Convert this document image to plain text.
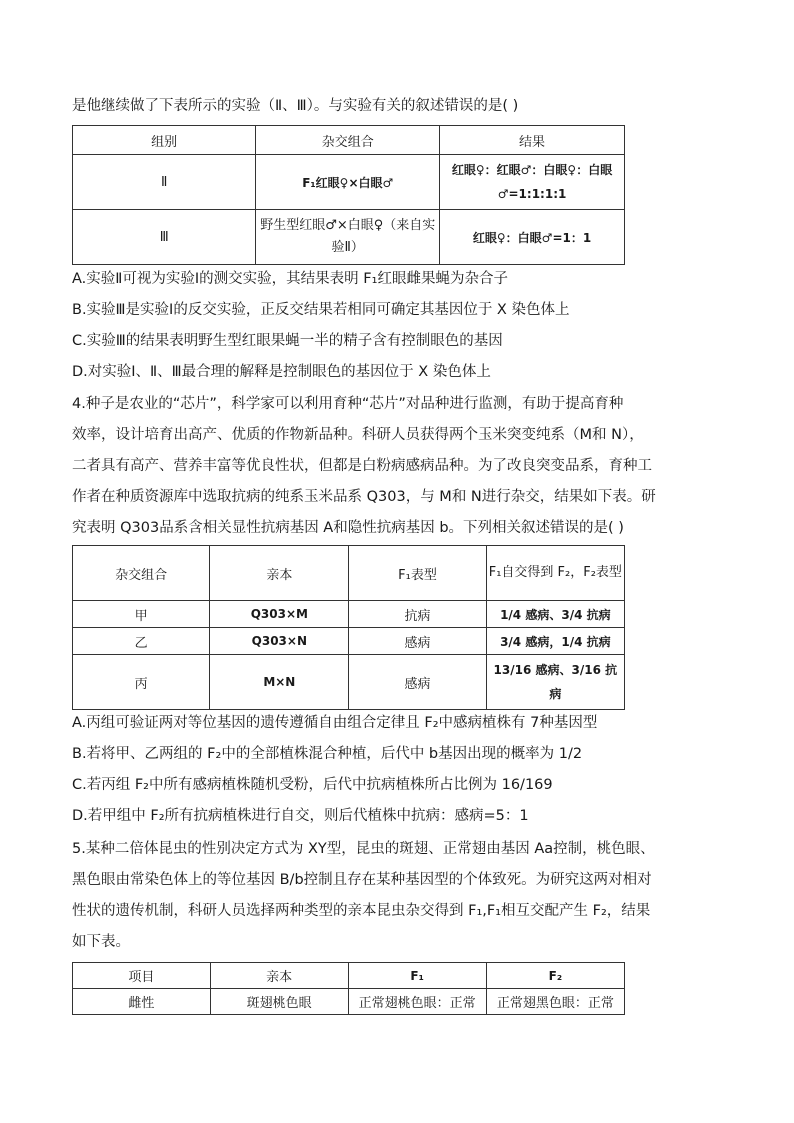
是他继续做了下表所示的实验（Ⅱ、Ⅲ）。与实验有关的叙述错误的是( )
组别	杂交组合	结果
Ⅱ	F₁红眼♀×白眼♂	红眼♀：红眼♂：白眼♀：白眼♂=1:1:1:1
Ⅲ	野生型红眼♂×白眼♀（来自实验Ⅱ）	红眼♀：白眼♂=1：1
A.实验Ⅱ可视为实验Ⅰ的测交实验，其结果表明 F₁红眼雌果蝇为杂合子
B.实验Ⅲ是实验Ⅰ的反交实验，正反交结果若相同可确定其基因位于 X 染色体上
C.实验Ⅲ的结果表明野生型红眼果蝇一半的精子含有控制眼色的基因
D.对实验Ⅰ、Ⅱ、Ⅲ最合理的解释是控制眼色的基因位于 X 染色体上
4.种子是农业的“芯片”，科学家可以利用育种“芯片”对品种进行监测，有助于提高育种
效率，设计培育出高产、优质的作物新品种。科研人员获得两个玉米突变纯系（M和 N），
二者具有高产、营养丰富等优良性状，但都是白粉病感病品种。为了改良突变品系，育种工
作者在种质资源库中选取抗病的纯系玉米品系 Q303，与 M和 N进行杂交，结果如下表。研
究表明 Q303品系含相关显性抗病基因 A和隐性抗病基因 b。下列相关叙述错误的是( )
杂交组合	亲本	F₁表型	F₁自交得到 F₂，F₂表型
甲	Q303×M	抗病	1/4 感病、3/4 抗病
乙	Q303×N	感病	3/4 感病，1/4 抗病
丙	M×N	感病	13/16 感病、3/16 抗病
A.丙组可验证两对等位基因的遗传遵循自由组合定律且 F₂中感病植株有 7种基因型
B.若将甲、乙两组的 F₂中的全部植株混合种植，后代中 b基因出现的概率为 1/2
C.若丙组 F₂中所有感病植株随机受粉，后代中抗病植株所占比例为 16/169
D.若甲组中 F₂所有抗病植株进行自交，则后代植株中抗病：感病=5：1
5.某种二倍体昆虫的性别决定方式为 XY型，昆虫的斑翅、正常翅由基因 Aa控制，桃色眼、
黑色眼由常染色体上的等位基因 B/b控制且存在某种基因型的个体致死。为研究这两对相对
性状的遗传机制，科研人员选择两种类型的亲本昆虫杂交得到 F₁,F₁相互交配产生 F₂，结果
如下表。
项目	亲本	F₁	F₂
雌性	斑翅桃色眼	正常翅桃色眼：正常	正常翅黑色眼：正常
